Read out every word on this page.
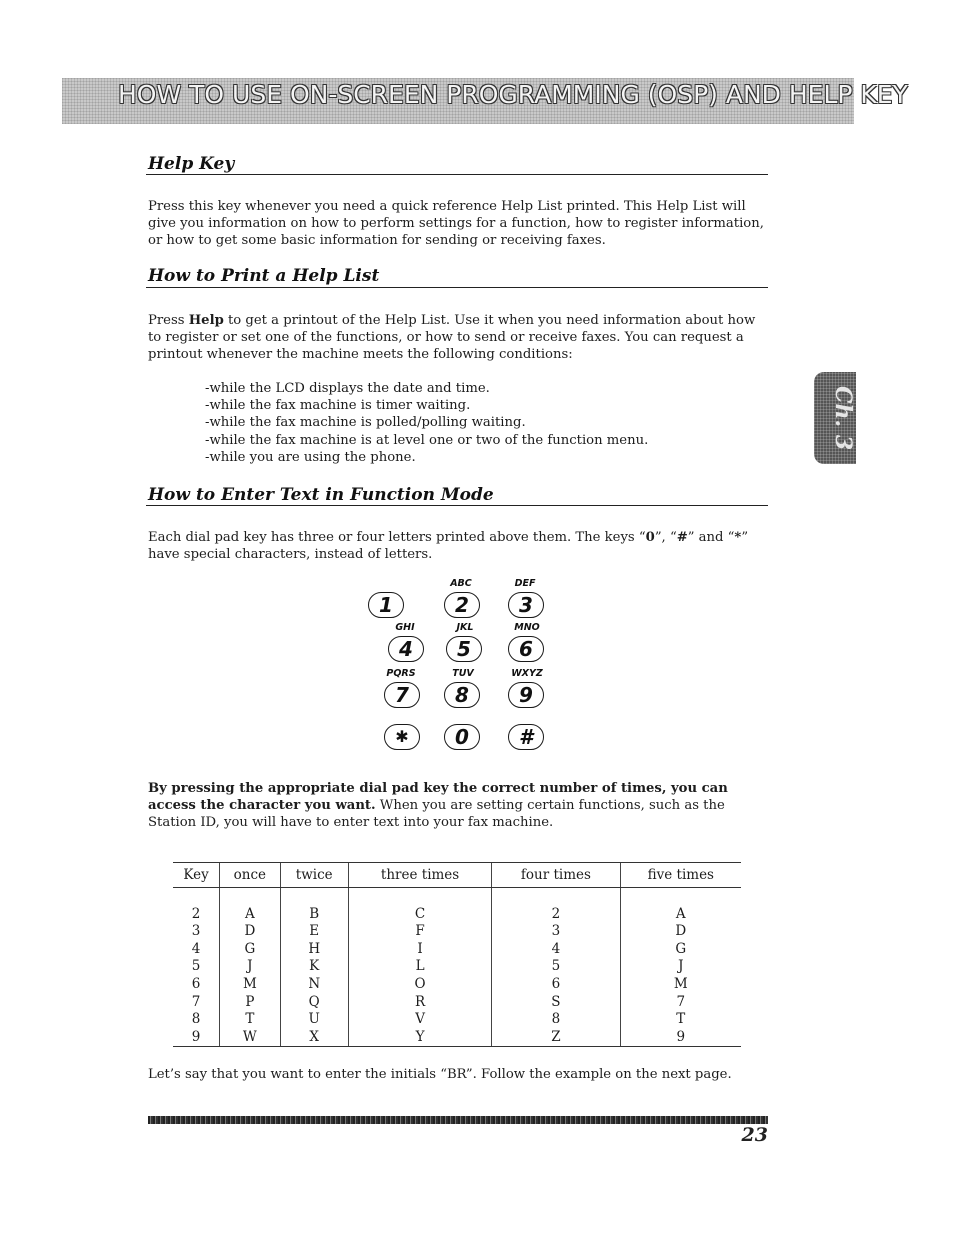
HOW TO USE ON-SCREEN PROGRAMMING (OSP) AND HELP KEY
Ch. 3
Help Key

Press this key whenever you need a quick reference Help List printed. This Help List will give you information on how to perform settings for a function, how to register information, or how to get some basic information for sending or receiving faxes.

How to Print a Help List

Press Help to get a printout of the Help List. Use it when you need information about how to register or set one of the functions, or how to send or receive faxes. You can request a printout whenever the machine meets the following conditions:

-while the LCD displays the date and time.
-while the fax machine is timer waiting.
-while the fax machine is polled/polling waiting.
-while the fax machine is at level one or two of the function menu.
-while you are using the phone.
How to Enter Text in Function Mode

Each dial pad key has three or four letters printed above them. The keys “0”, “#” and “*” have special characters, instead of letters.

ABC	DEF
1	2	3
GHI	JKL	MNO
4	5	6
PQRS	TUV	WXYZ
7	8	9
✱	0	#

By pressing the appropriate dial pad key the correct number of times, you can access the character you want. When you are setting certain functions, such as the Station ID, you will have to enter text into your fax machine.

Key	once	twice	three times	four times	five times

2	A	B	C	2	A
3	D	E	F	3	D
4	G	H	I	4	G
5	J	K	L	5	J
6	M	N	O	6	M
7	P	Q	R	S	7
8	T	U	V	8	T
9	W	X	Y	Z	9

Let’s say that you want to enter the initials “BR”. Follow the example on the next page.

23
